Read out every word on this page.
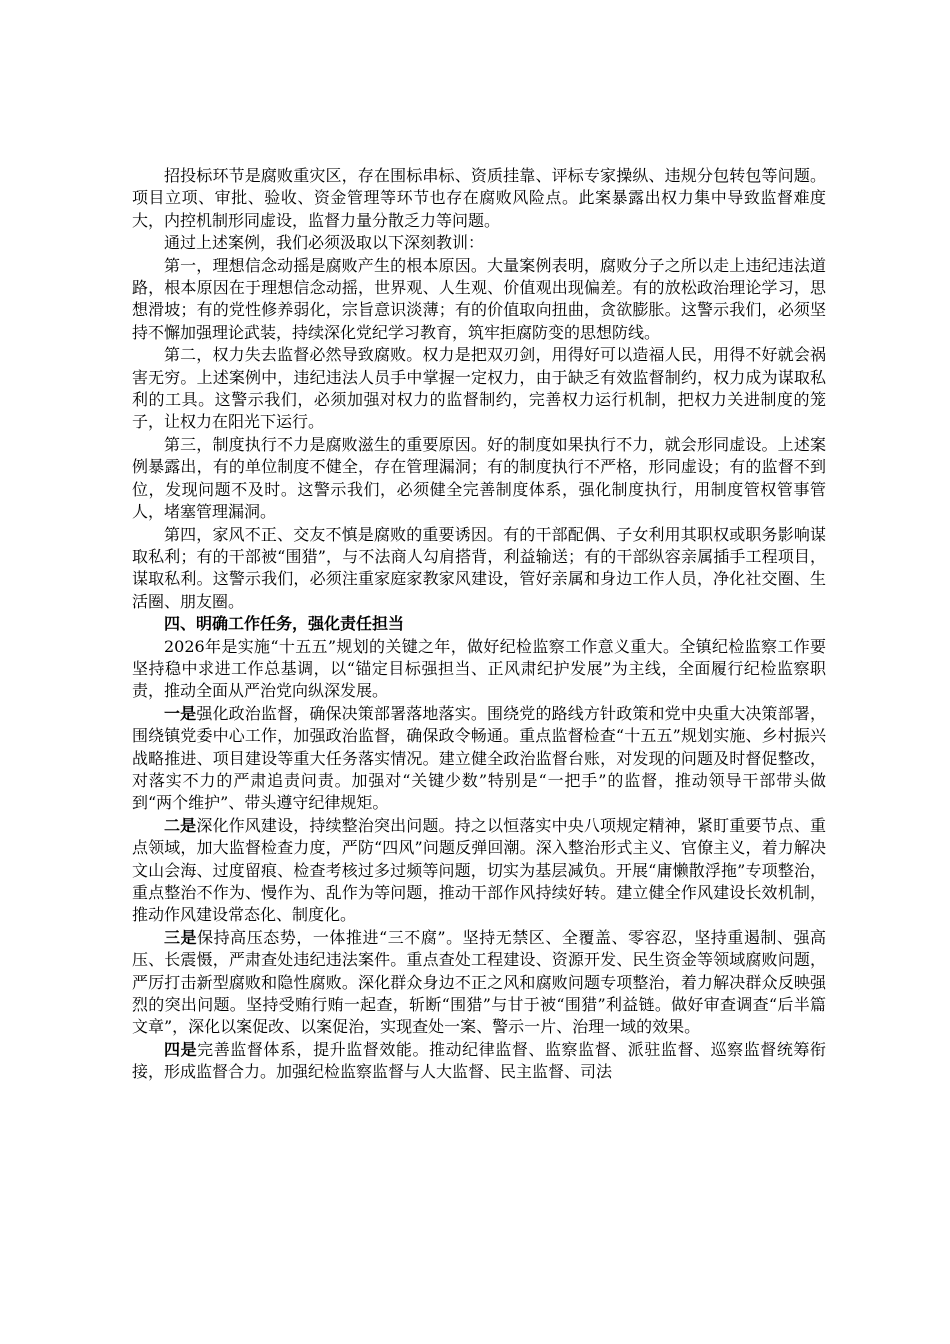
招投标环节是腐败重灾区，存在围标串标、资质挂靠、评标专家操纵、违规分包转包等问题。项目立项、审批、验收、资金管理等环节也存在腐败风险点。此案暴露出权力集中导致监督难度大，内控机制形同虚设，监督力量分散乏力等问题。

通过上述案例，我们必须汲取以下深刻教训：

第一，理想信念动摇是腐败产生的根本原因。大量案例表明，腐败分子之所以走上违纪违法道路，根本原因在于理想信念动摇，世界观、人生观、价值观出现偏差。有的放松政治理论学习，思想滑坡；有的党性修养弱化，宗旨意识淡薄；有的价值取向扭曲，贪欲膨胀。这警示我们，必须坚持不懈加强理论武装，持续深化党纪学习教育，筑牢拒腐防变的思想防线。

第二，权力失去监督必然导致腐败。权力是把双刃剑，用得好可以造福人民，用得不好就会祸害无穷。上述案例中，违纪违法人员手中掌握一定权力，由于缺乏有效监督制约，权力成为谋取私利的工具。这警示我们，必须加强对权力的监督制约，完善权力运行机制，把权力关进制度的笼子，让权力在阳光下运行。

第三，制度执行不力是腐败滋生的重要原因。好的制度如果执行不力，就会形同虚设。上述案例暴露出，有的单位制度不健全，存在管理漏洞；有的制度执行不严格，形同虚设；有的监督不到位，发现问题不及时。这警示我们，必须健全完善制度体系，强化制度执行，用制度管权管事管人，堵塞管理漏洞。

第四，家风不正、交友不慎是腐败的重要诱因。有的干部配偶、子女利用其职权或职务影响谋取私利；有的干部被“围猎”，与不法商人勾肩搭背，利益输送；有的干部纵容亲属插手工程项目，谋取私利。这警示我们，必须注重家庭家教家风建设，管好亲属和身边工作人员，净化社交圈、生活圈、朋友圈。

四、明确工作任务，强化责任担当

2026年是实施“十五五”规划的关键之年，做好纪检监察工作意义重大。全镇纪检监察工作要坚持稳中求进工作总基调，以“锚定目标强担当、正风肃纪护发展”为主线，全面履行纪检监察职责，推动全面从严治党向纵深发展。

一是强化政治监督，确保决策部署落地落实。围绕党的路线方针政策和党中央重大决策部署，围绕镇党委中心工作，加强政治监督，确保政令畅通。重点监督检查“十五五”规划实施、乡村振兴战略推进、项目建设等重大任务落实情况。建立健全政治监督台账，对发现的问题及时督促整改，对落实不力的严肃追责问责。加强对“关键少数”特别是“一把手”的监督，推动领导干部带头做到“两个维护”、带头遵守纪律规矩。

二是深化作风建设，持续整治突出问题。持之以恒落实中央八项规定精神，紧盯重要节点、重点领域，加大监督检查力度，严防“四风”问题反弹回潮。深入整治形式主义、官僚主义，着力解决文山会海、过度留痕、检查考核过多过频等问题，切实为基层减负。开展“庸懒散浮拖”专项整治，重点整治不作为、慢作为、乱作为等问题，推动干部作风持续好转。建立健全作风建设长效机制，推动作风建设常态化、制度化。

三是保持高压态势，一体推进“三不腐”。坚持无禁区、全覆盖、零容忍，坚持重遏制、强高压、长震慑，严肃查处违纪违法案件。重点查处工程建设、资源开发、民生资金等领域腐败问题，严厉打击新型腐败和隐性腐败。深化群众身边不正之风和腐败问题专项整治，着力解决群众反映强烈的突出问题。坚持受贿行贿一起查，斩断“围猎”与甘于被“围猎”利益链。做好审查调查“后半篇文章”，深化以案促改、以案促治，实现查处一案、警示一片、治理一域的效果。

四是完善监督体系，提升监督效能。推动纪律监督、监察监督、派驻监督、巡察监督统筹衔接，形成监督合力。加强纪检监察监督与人大监督、民主监督、司法
